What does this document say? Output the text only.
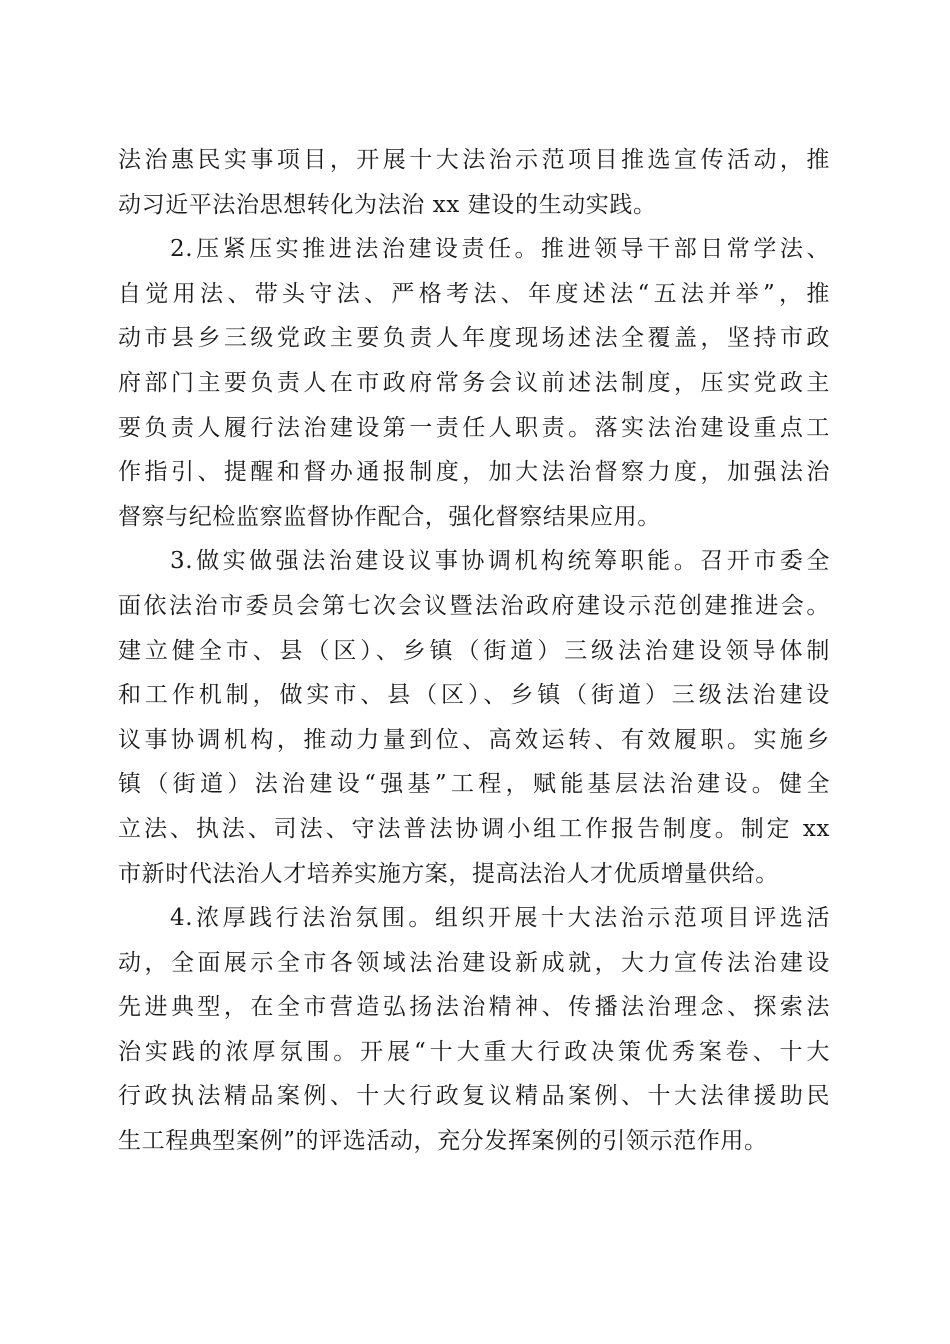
法治惠民实事项目，开展十大法治示范项目推选宣传活动，推
动习近平法治思想转化为法治 xx 建设的生动实践。
2.压紧压实推进法治建设责任。推进领导干部日常学法、
自觉用法、带头守法、严格考法、年度述法“五法并举”，推
动市县乡三级党政主要负责人年度现场述法全覆盖，坚持市政
府部门主要负责人在市政府常务会议前述法制度，压实党政主
要负责人履行法治建设第一责任人职责。落实法治建设重点工
作指引、提醒和督办通报制度，加大法治督察力度，加强法治
督察与纪检监察监督协作配合，强化督察结果应用。
3.做实做强法治建设议事协调机构统筹职能。召开市委全
面依法治市委员会第七次会议暨法治政府建设示范创建推进会。
建立健全市、县（区）、乡镇（街道）三级法治建设领导体制
和工作机制，做实市、县（区）、乡镇（街道）三级法治建设
议事协调机构，推动力量到位、高效运转、有效履职。实施乡
镇（街道）法治建设“强基”工程，赋能基层法治建设。健全
立法、执法、司法、守法普法协调小组工作报告制度。制定 xx
市新时代法治人才培养实施方案，提高法治人才优质增量供给。
4.浓厚践行法治氛围。组织开展十大法治示范项目评选活
动，全面展示全市各领域法治建设新成就，大力宣传法治建设
先进典型，在全市营造弘扬法治精神、传播法治理念、探索法
治实践的浓厚氛围。开展“十大重大行政决策优秀案卷、十大
行政执法精品案例、十大行政复议精品案例、十大法律援助民
生工程典型案例”的评选活动，充分发挥案例的引领示范作用。
